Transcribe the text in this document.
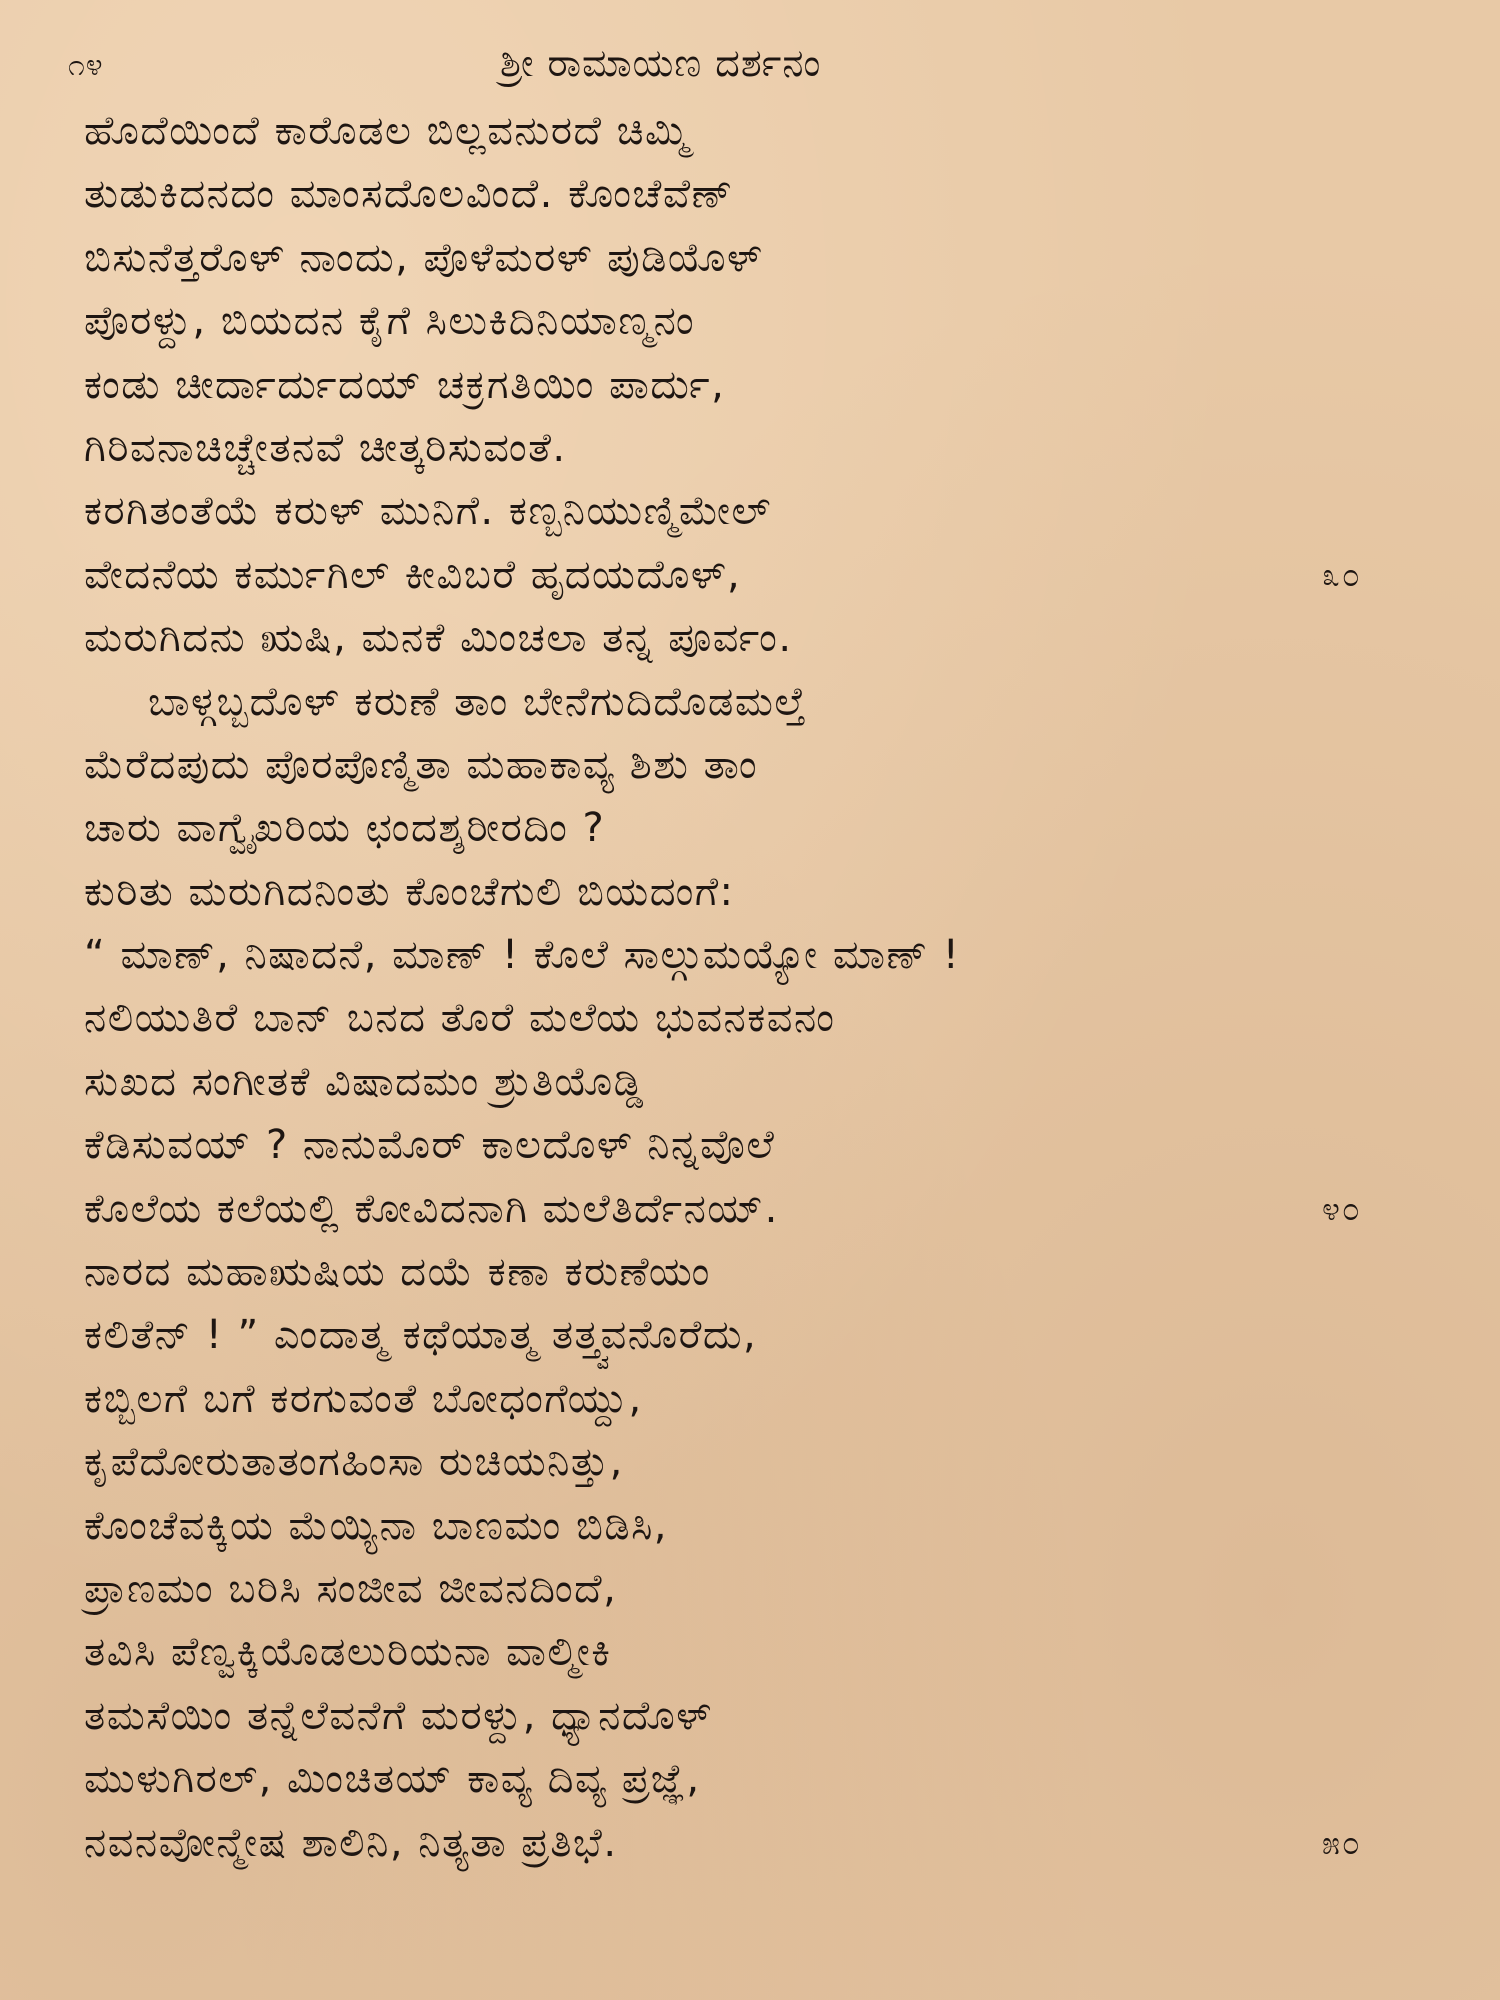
೧೪	ಶ್ರೀ ರಾಮಾಯಣ ದರ್ಶನಂ
ಹೊದೆಯಿಂದೆ ಕಾರೊಡಲ ಬಿಲ್ಲವನುರದೆ ಚಿಮ್ಮಿ
ತುಡುಕಿದನದಂ ಮಾಂಸದೊಲವಿಂದೆ. ಕೊಂಚೆವೆಣ್
ಬಿಸುನೆತ್ತರೊಳ್ ನಾಂದು, ಪೊಳೆಮರಳ್ ಪುಡಿಯೊಳ್
ಪೊರಳ್ದು, ಬಿಯದನ ಕೈಗೆ ಸಿಲುಕಿದಿನಿಯಾಣ್ಮನಂ
ಕಂಡು ಚೀರ್ದಾರ್ದುದಯ್ ಚಕ್ರಗತಿಯಿಂ ಪಾರ್ದು,
ಗಿರಿವನಾಚಿಚ್ಚೇತನವೆ ಚೀತ್ಕರಿಸುವಂತೆ.
ಕರಗಿತಂತೆಯೆ ಕರುಳ್ ಮುನಿಗೆ. ಕಣ್ಬನಿಯುಣ್ಮಿಮೇಲ್
ವೇದನೆಯ ಕರ್ಮುಗಿಲ್ ಕೀವಿಬರೆ ಹೃದಯದೊಳ್,	೩೦
ಮರುಗಿದನು ಋಷಿ, ಮನಕೆ ಮಿಂಚಲಾ ತನ್ನ ಪೂರ್ವಂ.
ಬಾಳ್ಗಬ್ಬದೊಳ್ ಕರುಣೆ ತಾಂ ಬೇನೆಗುದಿದೊಡಮಲ್ತೆ
ಮೆರೆದಪುದು ಪೊರಪೊಣ್ಮಿತಾ ಮಹಾಕಾವ್ಯ ಶಿಶು ತಾಂ
ಚಾರು ವಾಗ್ವೈಖರಿಯ ಛಂದಶ್ಶರೀರದಿಂ ?
ಕುರಿತು ಮರುಗಿದನಿಂತು ಕೊಂಚೆಗುಲಿ ಬಿಯದಂಗೆ:
“ ಮಾಣ್, ನಿಷಾದನೆ, ಮಾಣ್ ! ಕೊಲೆ ಸಾಲ್ಗುಮಯ್ಯೋ ಮಾಣ್ !
ನಲಿಯುತಿರೆ ಬಾನ್ ಬನದ ತೊರೆ ಮಲೆಯ ಭುವನಕವನಂ
ಸುಖದ ಸಂಗೀತಕೆ ವಿಷಾದಮಂ ಶ್ರುತಿಯೊಡ್ಡಿ
ಕೆಡಿಸುವಯ್ ? ನಾನುಮೊರ್ ಕಾಲದೊಳ್ ನಿನ್ನವೊಲೆ
ಕೊಲೆಯ ಕಲೆಯಲ್ಲಿ ಕೋವಿದನಾಗಿ ಮಲೆತಿರ್ದೆನಯ್.	೪೦
ನಾರದ ಮಹಾಋಷಿಯ ದಯೆ ಕಣಾ ಕರುಣೆಯಂ
ಕಲಿತೆನ್ ! ” ಎಂದಾತ್ಮ ಕಥೆಯಾತ್ಮ ತತ್ತ್ವವನೊರೆದು,
ಕಬ್ಬಿಲಗೆ ಬಗೆ ಕರಗುವಂತೆ ಬೋಧಂಗೆಯ್ದು,
ಕೃಪೆದೋರುತಾತಂಗಹಿಂಸಾ ರುಚಿಯನಿತ್ತು,
ಕೊಂಚೆವಕ್ಕಿಯ ಮೆಯ್ಯಿನಾ ಬಾಣಮಂ ಬಿಡಿಸಿ,
ಪ್ರಾಣಮಂ ಬರಿಸಿ ಸಂಜೀವ ಜೀವನದಿಂದೆ,
ತವಿಸಿ ಪೆಣ್ವಕ್ಕಿಯೊಡಲುರಿಯನಾ ವಾಲ್ಮೀಕಿ
ತಮಸೆಯಿಂ ತನ್ನೆಲೆವನೆಗೆ ಮರಳ್ದು, ಧ್ಯಾನದೊಳ್
ಮುಳುಗಿರಲ್, ಮಿಂಚಿತಯ್ ಕಾವ್ಯ ದಿವ್ಯ ಪ್ರಜ್ಞೆ,
ನವನವೋನ್ಮೇಷ ಶಾಲಿನಿ, ನಿತ್ಯತಾ ಪ್ರತಿಭೆ.	೫೦
